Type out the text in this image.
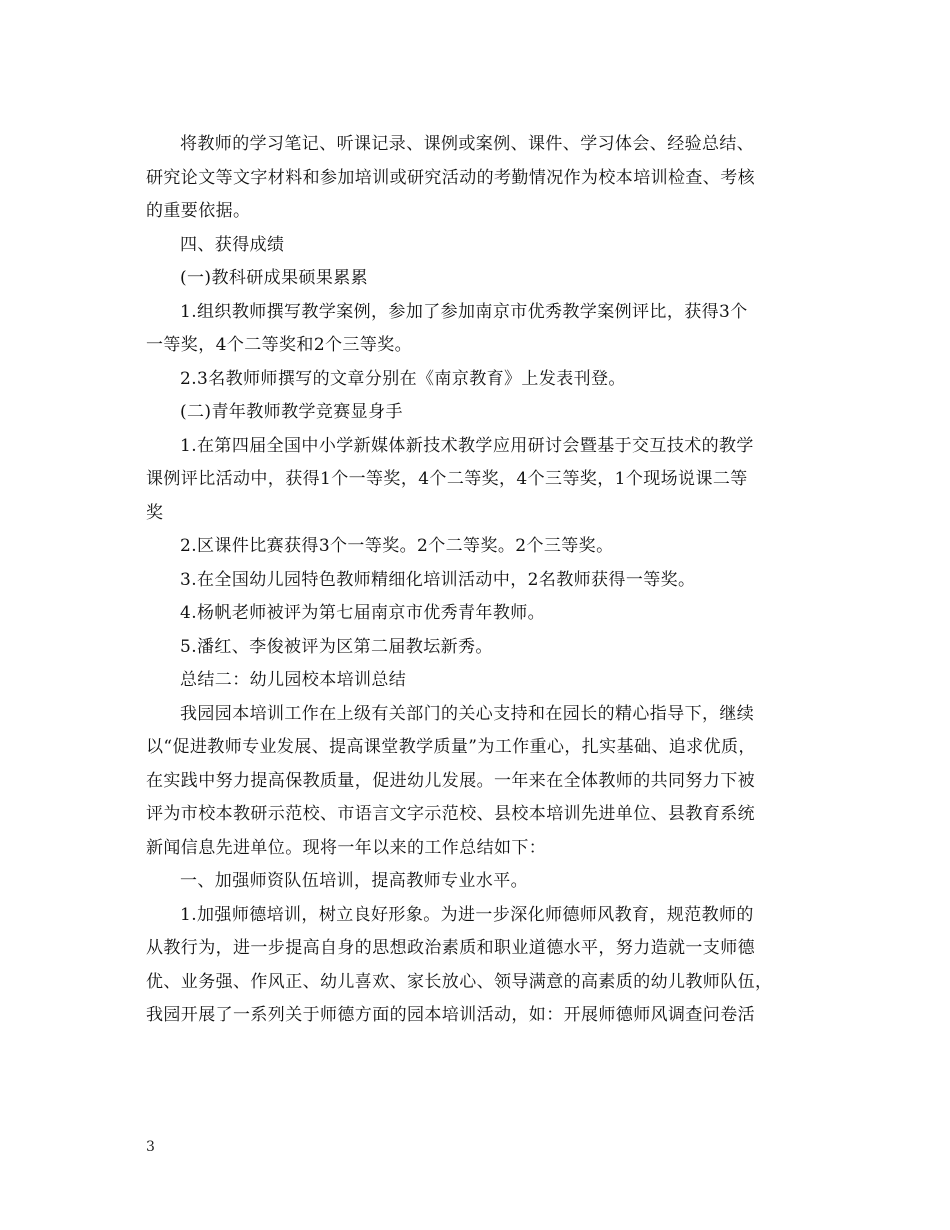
将教师的学习笔记、听课记录、课例或案例、课件、学习体会、经验总结、

研究论文等文字材料和参加培训或研究活动的考勤情况作为校本培训检查、考核

的重要依据。

四、获得成绩

(一)教科研成果硕果累累

1.组织教师撰写教学案例，参加了参加南京市优秀教学案例评比，获得3个

一等奖，4个二等奖和2个三等奖。

2.3名教师师撰写的文章分别在《南京教育》上发表刊登。

(二)青年教师教学竞赛显身手

1.在第四届全国中小学新媒体新技术教学应用研讨会暨基于交互技术的教学

课例评比活动中，获得1个一等奖，4个二等奖，4个三等奖，1个现场说课二等

奖

2.区课件比赛获得3个一等奖。2个二等奖。2个三等奖。

3.在全国幼儿园特色教师精细化培训活动中，2名教师获得一等奖。

4.杨帆老师被评为第七届南京市优秀青年教师。

5.潘红、李俊被评为区第二届教坛新秀。

总结二：幼儿园校本培训总结

我园园本培训工作在上级有关部门的关心支持和在园长的精心指导下，继续

以“促进教师专业发展、提高课堂教学质量”为工作重心，扎实基础、追求优质，

在实践中努力提高保教质量，促进幼儿发展。一年来在全体教师的共同努力下被

评为市校本教研示范校、市语言文字示范校、县校本培训先进单位、县教育系统

新闻信息先进单位。现将一年以来的工作总结如下：

一、加强师资队伍培训，提高教师专业水平。

1.加强师德培训，树立良好形象。为进一步深化师德师风教育，规范教师的

从教行为，进一步提高自身的思想政治素质和职业道德水平，努力造就一支师德

优、业务强、作风正、幼儿喜欢、家长放心、领导满意的高素质的幼儿教师队伍，

我园开展了一系列关于师德方面的园本培训活动，如：开展师德师风调查问卷活

3
